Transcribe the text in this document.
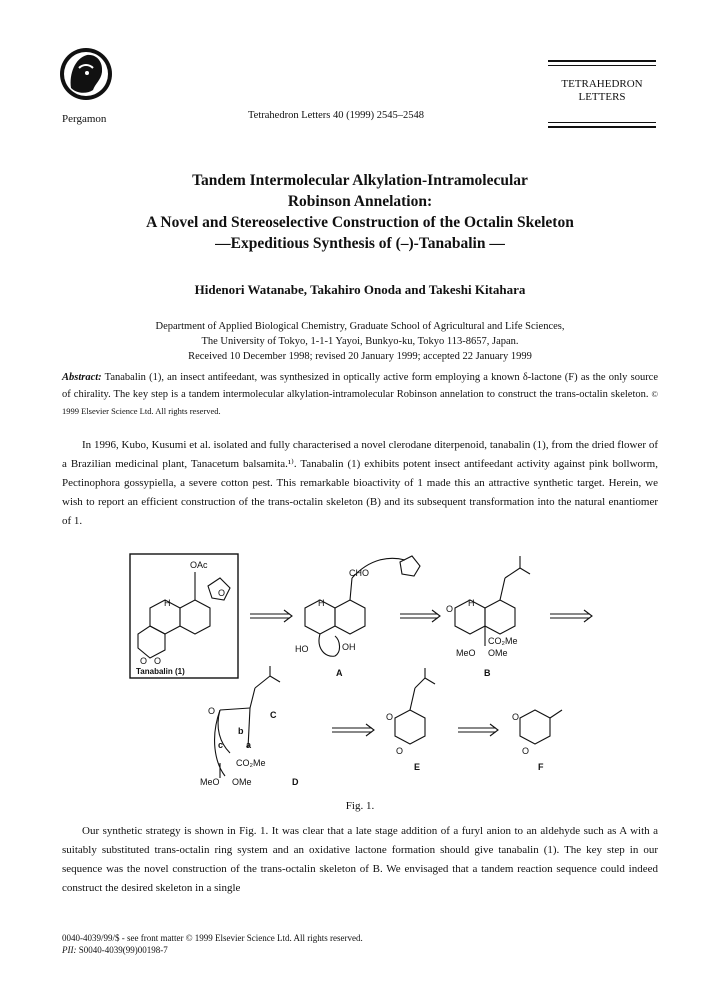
Pergamon	Tetrahedron Letters 40 (1999) 2545–2548
TETRAHEDRON
LETTERS
Tandem Intermolecular Alkylation-Intramolecular
Robinson Annelation:
A Novel and Stereoselective Construction of the Octalin Skeleton
—Expeditious Synthesis of (–)-Tanabalin —
Hidenori Watanabe, Takahiro Onoda and Takeshi Kitahara
Department of Applied Biological Chemistry, Graduate School of Agricultural and Life Sciences,
The University of Tokyo, 1-1-1 Yayoi, Bunkyo-ku, Tokyo 113-8657, Japan.
Received 10 December 1998; revised 20 January 1999; accepted 22 January 1999
Abstract: Tanabalin (1), an insect antifeedant, was synthesized in optically active form employing a known δ-lactone (F) as the only source of chirality. The key step is a tandem intermolecular alkylation-intramolecular Robinson annelation to construct the trans-octalin skeleton. © 1999 Elsevier Science Ltd. All rights reserved.
In 1996, Kubo, Kusumi et al. isolated and fully characterised a novel clerodane diterpenoid, tanabalin (1), from the dried flower of a Brazilian medicinal plant, Tanacetum balsamita.¹⁾. Tanabalin (1) exhibits potent insect antifeedant activity against pink bollworm, Pectinophora gossypiella, a severe cotton pest. This remarkable bioactivity of 1 made this an attractive synthetic target. Herein, we wish to report an efficient construction of the trans-octalin skeleton (B) and its subsequent transformation into the natural enantiomer of 1.
OAc
H
O
O O
Tanabalin (1)
CHO
H
HO	OH
A
O
H
CO₂Me
MeO OMe
B
O	C
b
c	a
CO₂Me
MeO OMe	D
O
O
E
O
O
F
Fig. 1.
Our synthetic strategy is shown in Fig. 1. It was clear that a late stage addition of a furyl anion to an aldehyde such as A with a suitably substituted trans-octalin ring system and an oxidative lactone formation should give tanabalin (1). The key step in our sequence was the novel construction of the trans-octalin skeleton of B. We envisaged that a tandem reaction sequence could indeed construct the desired skeleton in a single
0040-4039/99/$ - see front matter © 1999 Elsevier Science Ltd. All rights reserved.
PII: S0040-4039(99)00198-7
